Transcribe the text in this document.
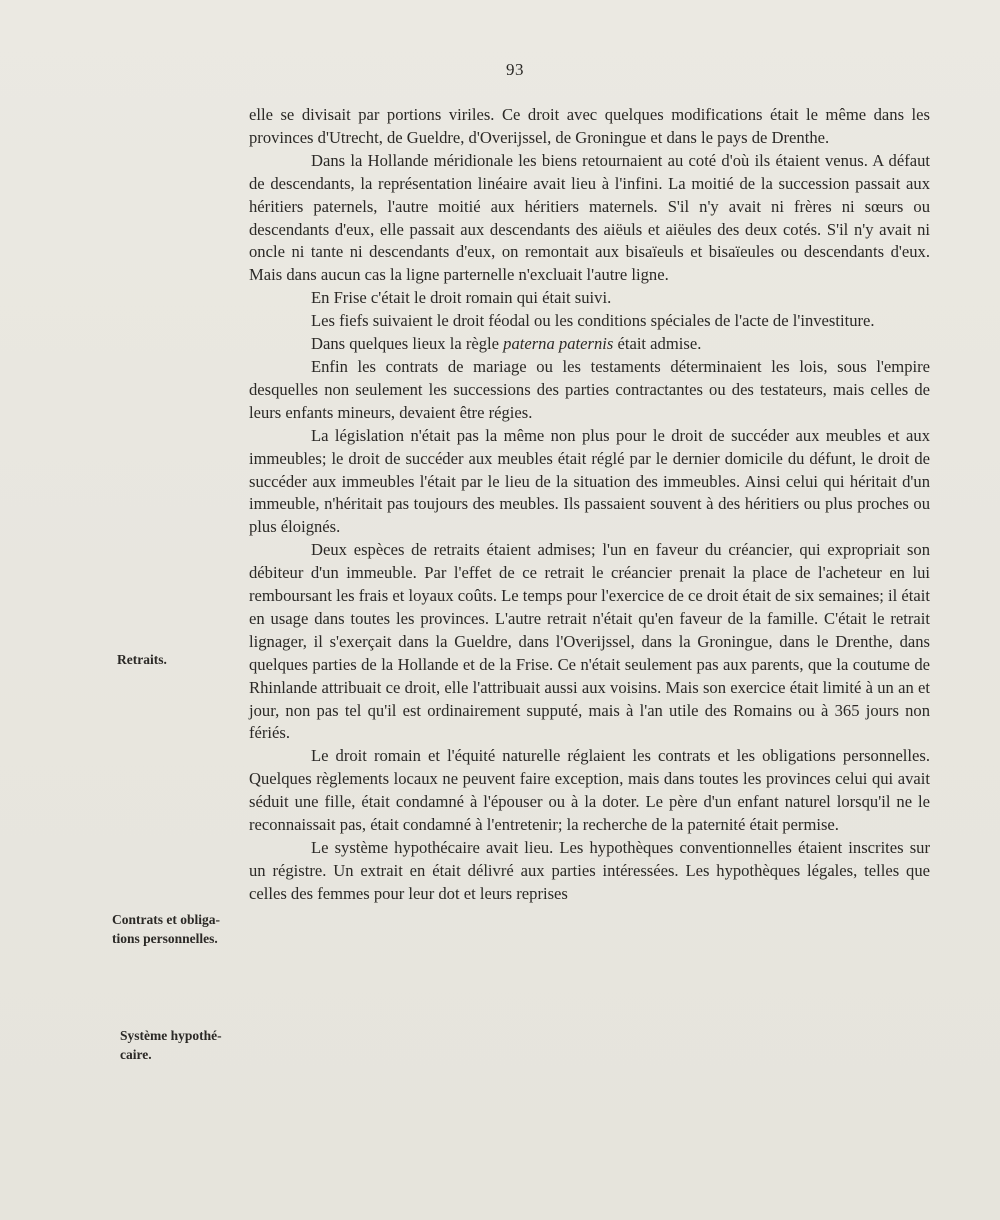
93
Retraits.
Contrats et obliga-
tions personnelles.
Système hypothé-
caire.

elle se divisait par portions viriles. Ce droit avec quelques modifications était le même dans les provinces d'Utrecht, de Gueldre, d'Overijssel, de Groningue et dans le pays de Drenthe.

Dans la Hollande méridionale les biens retournaient au coté d'où ils étaient venus. A défaut de descendants, la représentation linéaire avait lieu à l'infini. La moitié de la succession passait aux héritiers paternels, l'autre moitié aux héritiers maternels. S'il n'y avait ni frères ni sœurs ou descendants d'eux, elle passait aux descendants des aiëuls et aiëules des deux cotés. S'il n'y avait ni oncle ni tante ni descendants d'eux, on remontait aux bisaïeuls et bisaïeules ou descendants d'eux. Mais dans aucun cas la ligne parternelle n'excluait l'autre ligne.

En Frise c'était le droit romain qui était suivi.

Les fiefs suivaient le droit féodal ou les conditions spéciales de l'acte de l'investiture.

Dans quelques lieux la règle paterna paternis était admise.

Enfin les contrats de mariage ou les testaments déterminaient les lois, sous l'empire desquelles non seulement les successions des parties contractantes ou des testateurs, mais celles de leurs enfants mineurs, devaient être régies.

La législation n'était pas la même non plus pour le droit de succéder aux meubles et aux immeubles; le droit de succéder aux meubles était réglé par le dernier domicile du défunt, le droit de succéder aux immeubles l'était par le lieu de la situation des immeubles. Ainsi celui qui héritait d'un immeuble, n'héritait pas toujours des meubles. Ils passaient souvent à des héritiers ou plus proches ou plus éloignés.

Deux espèces de retraits étaient admises; l'un en faveur du créancier, qui expropriait son débiteur d'un immeuble. Par l'effet de ce retrait le créancier prenait la place de l'acheteur en lui remboursant les frais et loyaux coûts. Le temps pour l'exercice de ce droit était de six semaines; il était en usage dans toutes les provinces. L'autre retrait n'était qu'en faveur de la famille. C'était le retrait lignager, il s'exerçait dans la Gueldre, dans l'Overijssel, dans la Groningue, dans le Drenthe, dans quelques parties de la Hollande et de la Frise. Ce n'était seulement pas aux parents, que la coutume de Rhinlande attribuait ce droit, elle l'attribuait aussi aux voisins. Mais son exercice était limité à un an et jour, non pas tel qu'il est ordinairement supputé, mais à l'an utile des Romains ou à 365 jours non fériés.

Le droit romain et l'équité naturelle réglaient les contrats et les obligations personnelles. Quelques règlements locaux ne peuvent faire exception, mais dans toutes les provinces celui qui avait séduit une fille, était condamné à l'épouser ou à la doter. Le père d'un enfant naturel lorsqu'il ne le reconnaissait pas, était condamné à l'entretenir; la recherche de la paternité était permise.

Le système hypothécaire avait lieu. Les hypothèques conventionnelles étaient inscrites sur un régistre. Un extrait en était délivré aux parties intéressées. Les hypothèques légales, telles que celles des femmes pour leur dot et leurs reprises
